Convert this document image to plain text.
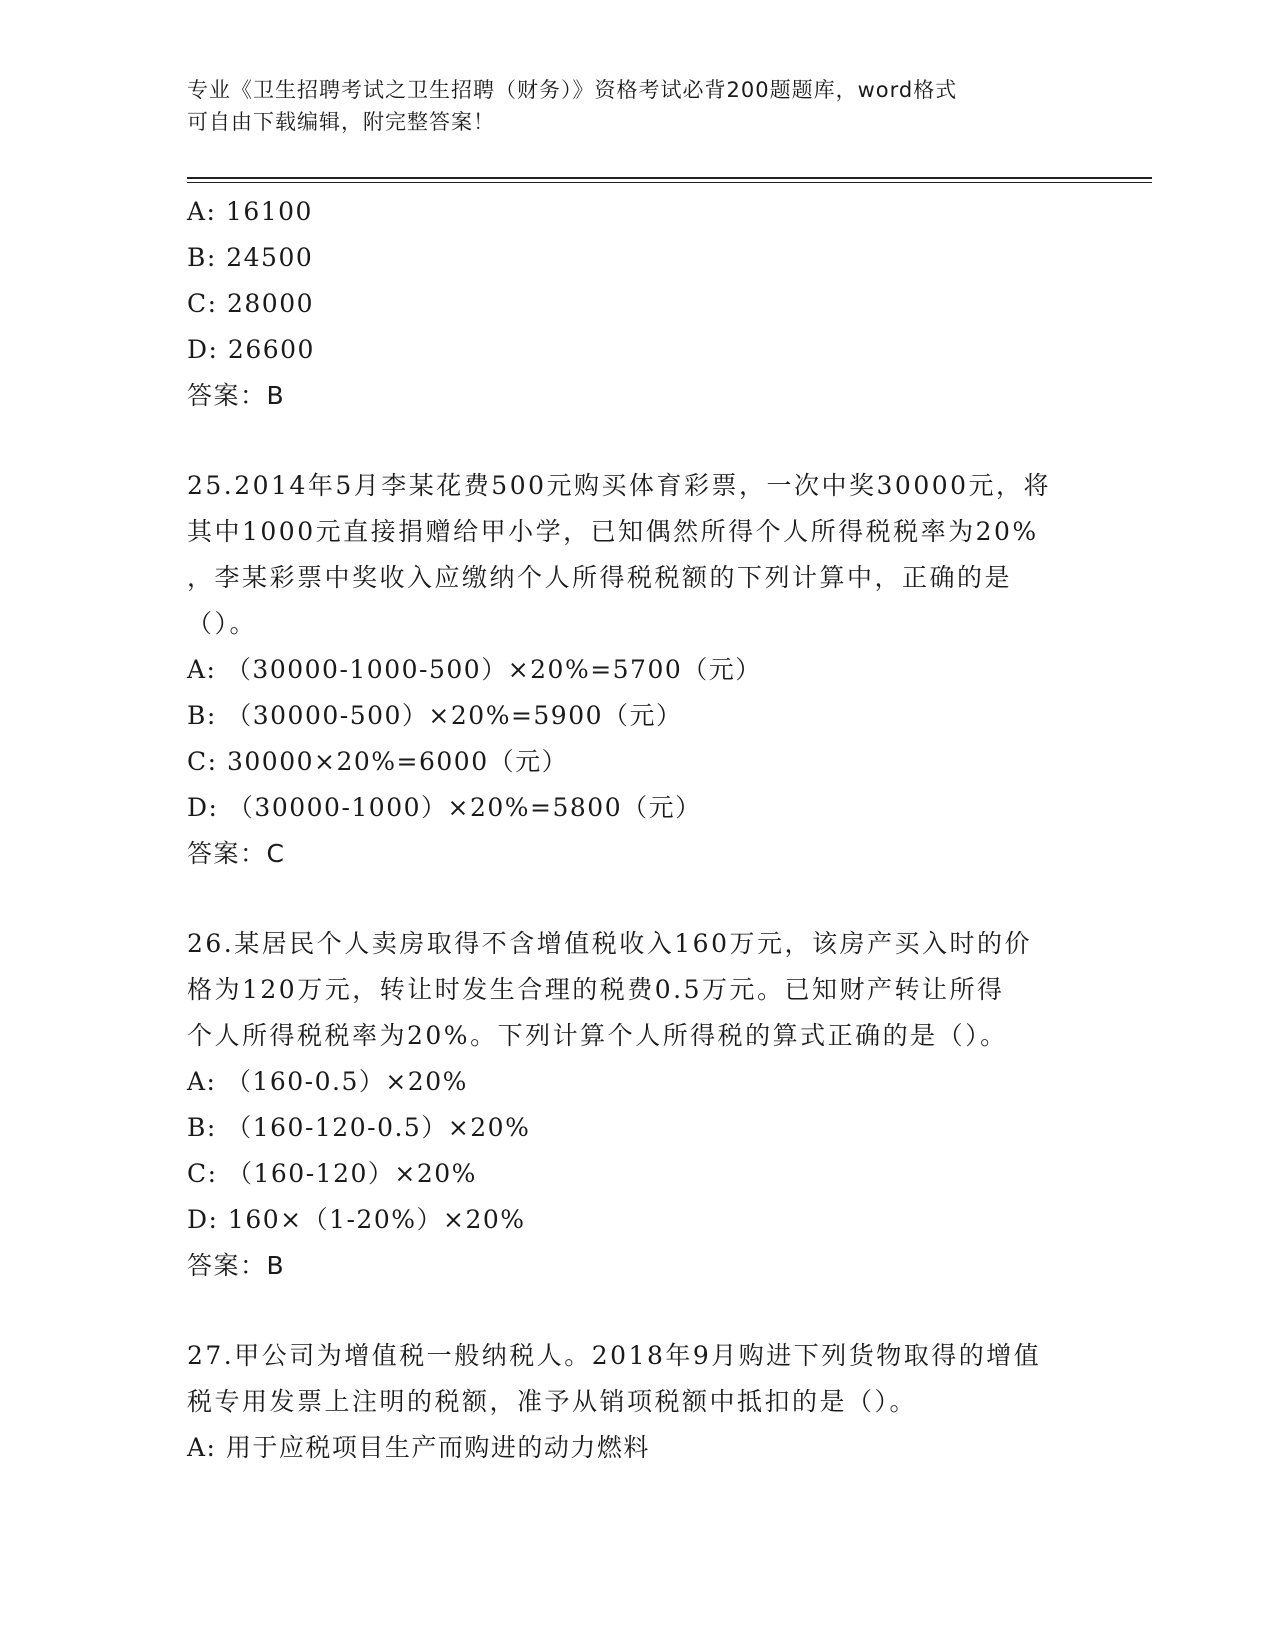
专业《卫生招聘考试之卫生招聘（财务）》资格考试必背200题题库，word格式
可自由下载编辑，附完整答案！
A: 16100
B: 24500
C: 28000
D: 26600
答案：B
25.2014年5月李某花费500元购买体育彩票，一次中奖30000元，将
其中1000元直接捐赠给甲小学，已知偶然所得个人所得税税率为20%
，李某彩票中奖收入应缴纳个人所得税税额的下列计算中，正确的是
（）。
A: （30000-1000-500）×20%=5700（元）
B: （30000-500）×20%=5900（元）
C: 30000×20%=6000（元）
D: （30000-1000）×20%=5800（元）
答案：C
26.某居民个人卖房取得不含增值税收入160万元，该房产买入时的价
格为120万元，转让时发生合理的税费0.5万元。已知财产转让所得
个人所得税税率为20%。下列计算个人所得税的算式正确的是（）。
A: （160-0.5）×20%
B: （160-120-0.5）×20%
C: （160-120）×20%
D: 160×（1-20%）×20%
答案：B
27.甲公司为增值税一般纳税人。2018年9月购进下列货物取得的增值
税专用发票上注明的税额，准予从销项税额中抵扣的是（）。
A: 用于应税项目生产而购进的动力燃料
